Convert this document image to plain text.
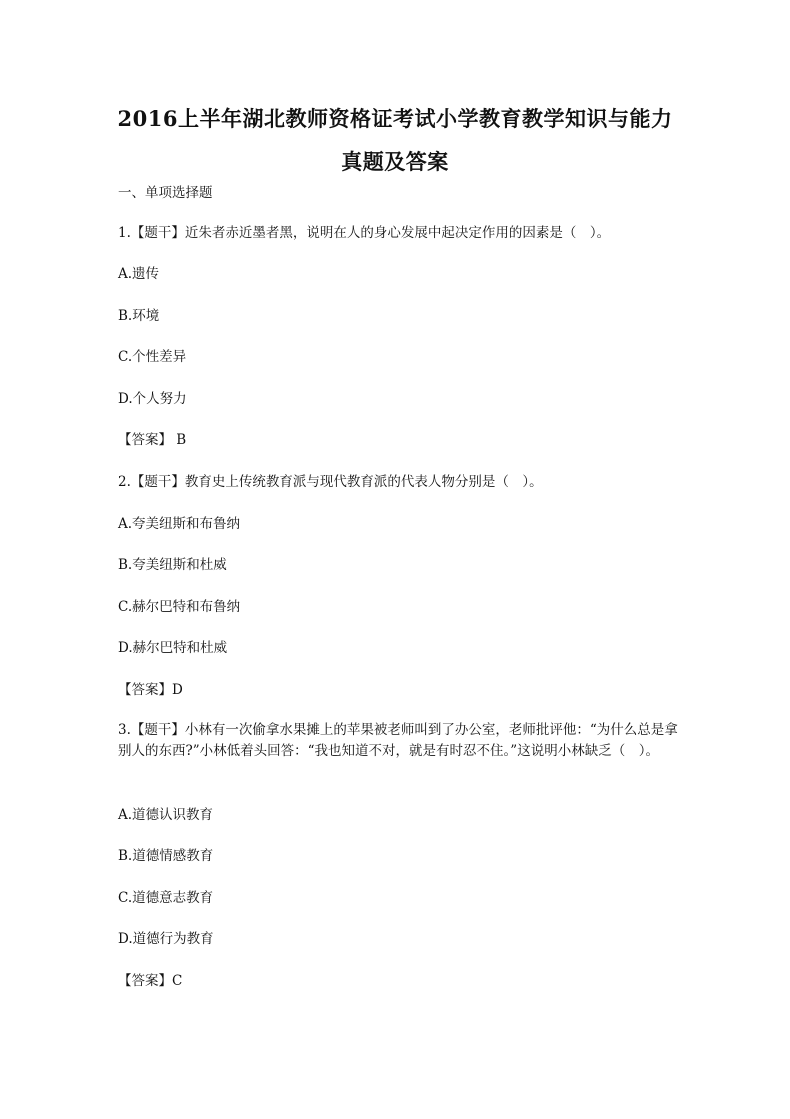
2016上半年湖北教师资格证考试小学教育教学知识与能力
真题及答案

一、单项选择题

1.【题干】近朱者赤近墨者黑，说明在人的身心发展中起决定作用的因素是（　）。

A.遗传

B.环境

C.个性差异

D.个人努力

【答案】 B

2.【题干】教育史上传统教育派与现代教育派的代表人物分别是（　）。

A.夸美纽斯和布鲁纳

B.夸美纽斯和杜威

C.赫尔巴特和布鲁纳

D.赫尔巴特和杜威

【答案】D

3.【题干】小林有一次偷拿水果摊上的苹果被老师叫到了办公室，老师批评他：“为什么总是拿别人的东西?”小林低着头回答：“我也知道不对，就是有时忍不住。”这说明小林缺乏（　）。

A.道德认识教育

B.道德情感教育

C.道德意志教育

D.道德行为教育

【答案】C
